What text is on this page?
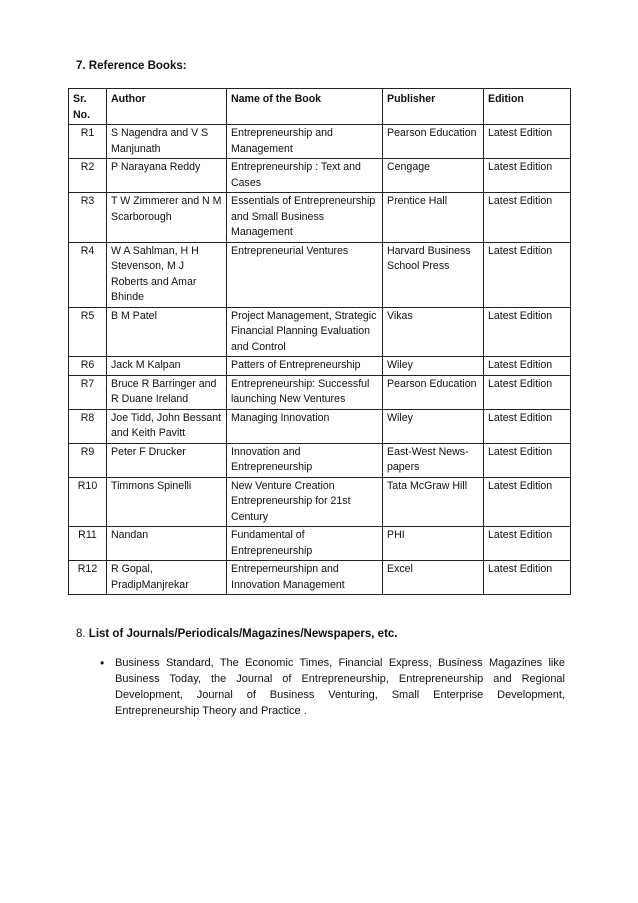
7. Reference Books:
Sr. No.	Author	Name of the Book	Publisher	Edition
R1	S Nagendra and V S Manjunath	Entrepreneurship and Management	Pearson Education	Latest Edition
R2	P Narayana Reddy	Entrepreneurship : Text and Cases	Cengage	Latest Edition
R3	T W Zimmerer and N M Scarborough	Essentials of Entrepreneurship and Small Business Management	Prentice Hall	Latest Edition
R4	W A Sahlman, H H Stevenson, M J Roberts and Amar Bhinde	Entrepreneurial Ventures	Harvard Business School Press	Latest Edition
R5	B M Patel	Project Management, Strategic Financial Planning Evaluation and Control	Vikas	Latest Edition
R6	Jack M Kalpan	Patters of Entrepreneurship	Wiley	Latest Edition
R7	Bruce R Barringer and R Duane Ireland	Entrepreneurship: Successful launching New Ventures	Pearson Education	Latest Edition
R8	Joe Tidd, John Bessant and Keith Pavitt	Managing Innovation	Wiley	Latest Edition
R9	Peter F Drucker	Innovation and Entrepreneurship	East-West News-papers	Latest Edition
R10	Timmons Spinelli	New Venture Creation Entrepreneurship for 21st Century	Tata McGraw Hill	Latest Edition
R11	Nandan	Fundamental of Entrepreneurship	PHI	Latest Edition
R12	R Gopal, PradipManjrekar	Entreperneurshipn and Innovation Management	Excel	Latest Edition
8. List of Journals/Periodicals/Magazines/Newspapers, etc.
• Business Standard, The Economic Times, Financial Express, Business Magazines like Business Today, the Journal of Entrepreneurship, Entrepreneurship and Regional Development, Journal of Business Venturing, Small Enterprise Development, Entrepreneurship Theory and Practice .
